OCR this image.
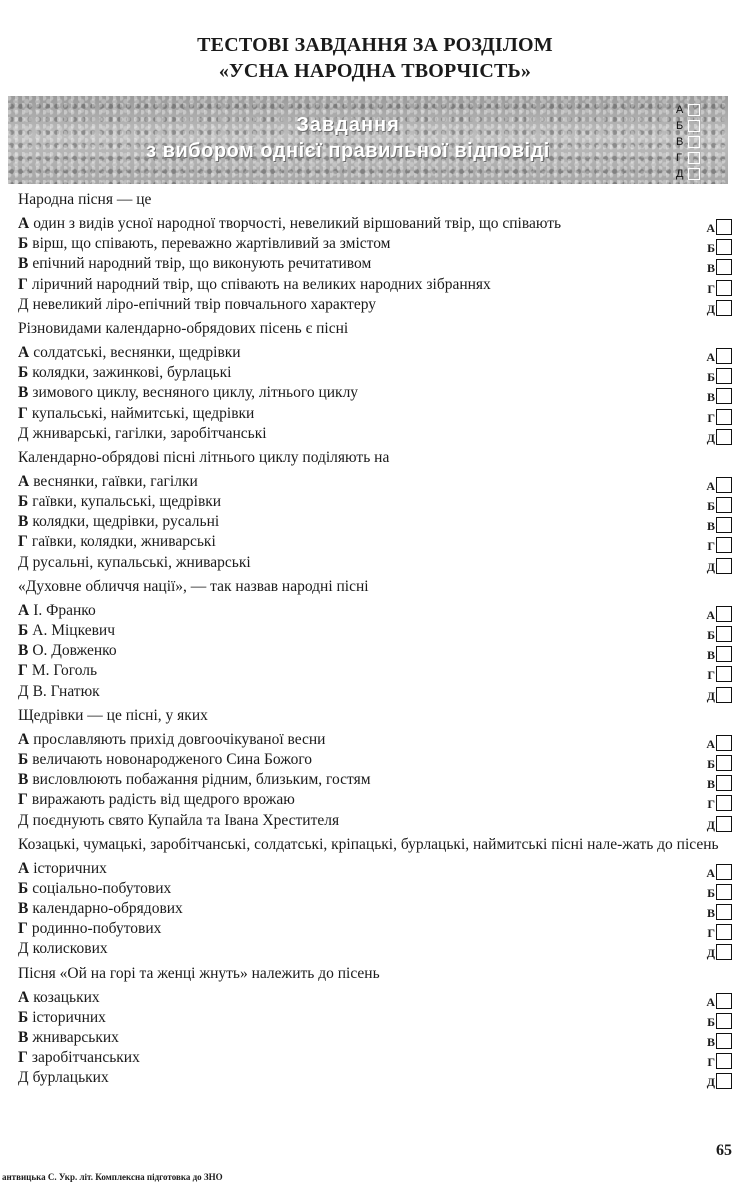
ТЕСТОВІ ЗАВДАННЯ ЗА РОЗДІЛОМ
«УСНА НАРОДНА ТВОРЧІСТЬ»
Завдання
з вибором однієї правильної відповіді
А
Б
В
Г
Д
Народна пісня — це
А один з видів усної народної творчості, невеликий віршований твір, що співають	А
Б вірш, що співають, переважно жартівливий за змістом	Б
В епічний народний твір, що виконують речитативом	В
Г ліричний народний твір, що співають на великих народних зібраннях	Г
Д невеликий ліро-епічний твір повчального характеру	Д
Різновидами календарно-обрядових пісень є пісні
А солдатські, веснянки, щедрівки	А
Б колядки, зажинкові, бурлацькі	Б
В зимового циклу, весняного циклу, літнього циклу	В
Г купальські, наймитські, щедрівки	Г
Д жниварські, гагілки, заробітчанські	Д
Календарно-обрядові пісні літнього циклу поділяють на
А веснянки, гаївки, гагілки	А
Б гаївки, купальські, щедрівки	Б
В колядки, щедрівки, русальні	В
Г гаївки, колядки, жниварські	Г
Д русальні, купальські, жниварські	Д
«Духовне обличчя нації», — так назвав народні пісні
А І. Франко	А
Б А. Міцкевич	Б
В О. Довженко	В
Г М. Гоголь	Г
Д В. Гнатюк	Д
Щедрівки — це пісні, у яких
А прославляють прихід довгоочікуваної весни	А
Б величають новонародженого Сина Божого	Б
В висловлюють побажання рідним, близьким, гостям	В
Г виражають радість від щедрого врожаю	Г
Д поєднують свято Купайла та Івана Хрестителя	Д
Козацькі, чумацькі, заробітчанські, солдатські, кріпацькі, бурлацькі, наймитські пісні нале-жать до пісень
А історичних	А
Б соціально-побутових	Б
В календарно-обрядових	В
Г родинно-побутових	Г
Д колискових	Д
Пісня «Ой на горі та женці жнуть» належить до пісень
А козацьких	А
Б історичних	Б
В жниварських	В
Г заробітчанських	Г
Д бурлацьких	Д
65
антвицька С. Укр. літ. Комплексна підготовка до ЗНО
